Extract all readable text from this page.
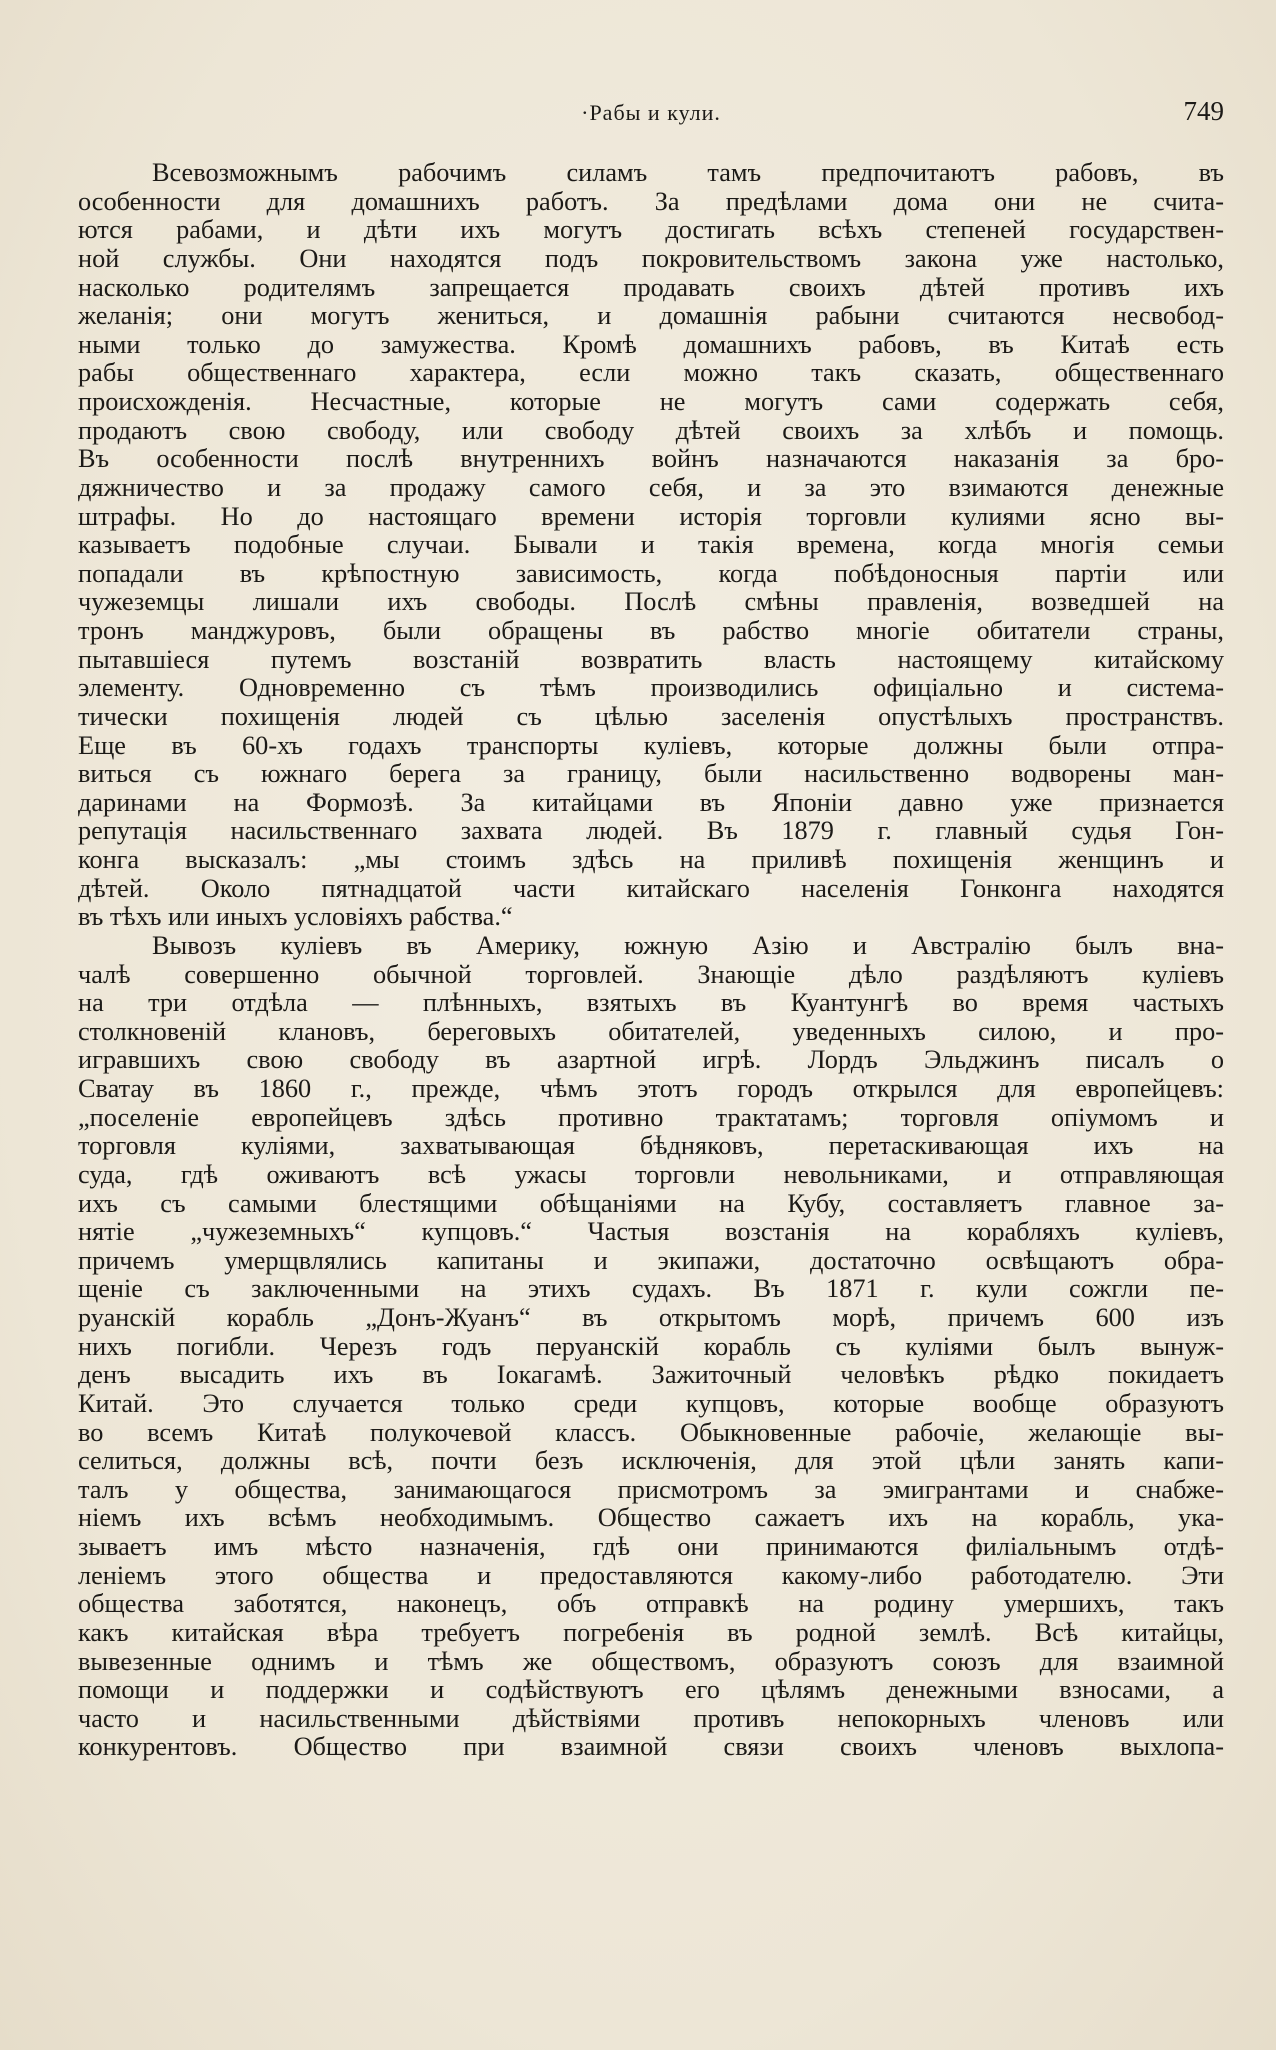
·Рабы и кули.	749
Всевозможнымъ рабочимъ силамъ тамъ предпочитаютъ рабовъ, въ
особенности для домашнихъ работъ. За предѣлами дома они не счита-
ются рабами, и дѣти ихъ могутъ достигать всѣхъ степеней государствен-
ной службы. Они находятся подъ покровительствомъ закона уже настолько,
насколько родителямъ запрещается продавать своихъ дѣтей противъ ихъ
желанія; они могутъ жениться, и домашнія рабыни считаются несвобод-
ными только до замужества. Кромѣ домашнихъ рабовъ, въ Китаѣ есть
рабы общественнаго характера, если можно такъ сказать, общественнаго
происхожденія. Несчастные, которые не могутъ сами содержать себя,
продаютъ свою свободу, или свободу дѣтей своихъ за хлѣбъ и помощь.
Въ особенности послѣ внутреннихъ войнъ назначаются наказанія за бро-
дяжничество и за продажу самого себя, и за это взимаются денежные
штрафы. Но до настоящаго времени исторія торговли кулиями ясно вы-
казываетъ подобные случаи. Бывали и такія времена, когда многія семьи
попадали въ крѣпостную зависимость, когда побѣдоносныя партіи или
чужеземцы лишали ихъ свободы. Послѣ смѣны правленія, возведшей на
тронъ манджуровъ, были обращены въ рабство многіе обитатели страны,
пытавшіеся путемъ возстаній возвратить власть настоящему китайскому
элементу. Одновременно съ тѣмъ производились офиціально и система-
тически похищенія людей съ цѣлью заселенія опустѣлыхъ пространствъ.
Еще въ 60-хъ годахъ транспорты кулiевъ, которые должны были отпра-
виться съ южнаго берега за границу, были насильственно водворены ман-
даринами на Формозѣ. За китайцами въ Японіи давно уже признается
репутація насильственнаго захвата людей. Въ 1879 г. главный судья Гон-
конга высказалъ: „мы стоимъ здѣсь на приливѣ похищенія женщинъ и
дѣтей. Около пятнадцатой части китайскаго населенія Гонконга находятся
въ тѣхъ или иныхъ условіяхъ рабства.“
Вывозъ кулiевъ въ Америку, южную Азію и Австралію былъ вна-
чалѣ совершенно обычной торговлей. Знающіе дѣло раздѣляютъ кулiевъ
на три отдѣла — плѣнныхъ, взятыхъ въ Куантунгѣ во время частыхъ
столкновеній клановъ, береговыхъ обитателей, уведенныхъ силою, и про-
игравшихъ свою свободу въ азартной игрѣ. Лордъ Эльджинъ писалъ о
Сватау въ 1860 г., прежде, чѣмъ этотъ городъ открылся для европейцевъ:
„поселеніе европейцевъ здѣсь противно трактатамъ; торговля опіумомъ и
торговля кулiями, захватывающая бѣдняковъ, перетаскивающая ихъ на
суда, гдѣ оживаютъ всѣ ужасы торговли невольниками, и отправляющая
ихъ съ самыми блестящими обѣщаніями на Кубу, составляетъ главное за-
нятіе „чужеземныхъ“ купцовъ.“ Частыя возстанія на корабляхъ кулiевъ,
причемъ умерщвлялись капитаны и экипажи, достаточно освѣщаютъ обра-
щеніе съ заключенными на этихъ судахъ. Въ 1871 г. кули сожгли пе-
руанскій корабль „Донъ-Жуанъ“ въ открытомъ морѣ, причемъ 600 изъ
нихъ погибли. Черезъ годъ перуанскій корабль съ кулiями былъ вынуж-
денъ высадить ихъ въ Іокагамѣ. Зажиточный человѣкъ рѣдко покидаетъ
Китай. Это случается только среди купцовъ, которые вообще образуютъ
во всемъ Китаѣ полукочевой классъ. Обыкновенные рабочіе, желающіе вы-
селиться, должны всѣ, почти безъ исключенія, для этой цѣли занять капи-
талъ у общества, занимающагося присмотромъ за эмигрантами и снабже-
ніемъ ихъ всѣмъ необходимымъ. Общество сажаетъ ихъ на корабль, ука-
зываетъ имъ мѣсто назначенія, гдѣ они принимаются филіальнымъ отдѣ-
леніемъ этого общества и предоставляются какому-либо работодателю. Эти
общества заботятся, наконецъ, объ отправкѣ на родину умершихъ, такъ
какъ китайская вѣра требуетъ погребенія въ родной землѣ. Всѣ китайцы,
вывезенные однимъ и тѣмъ же обществомъ, образуютъ союзъ для взаимной
помощи и поддержки и содѣйствуютъ его цѣлямъ денежными взносами, а
часто и насильственными дѣйствіями противъ непокорныхъ членовъ или
конкурентовъ. Общество при взаимной связи своихъ членовъ выхлопа-
